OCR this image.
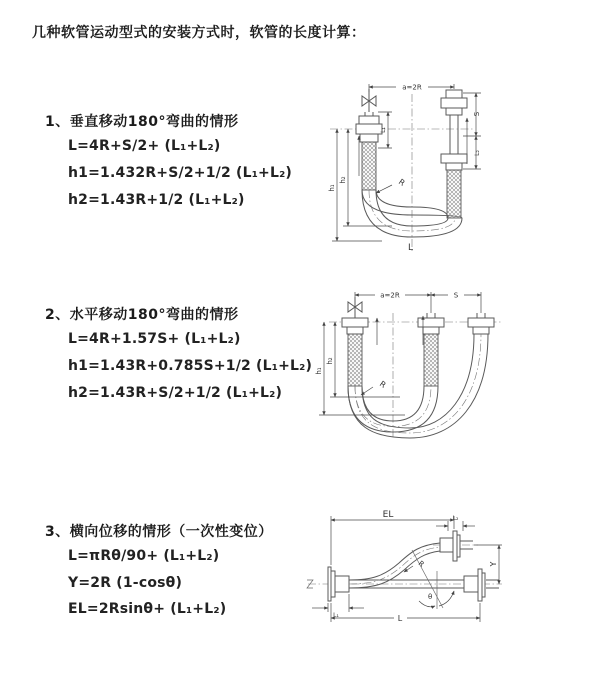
几种软管运动型式的安装方式时，软管的长度计算：
1、垂直移动180°弯曲的情形
L=4R+S/2+ (L₁+L₂)
h1=1.432R+S/2+1/2 (L₁+L₂)
h2=1.43R+1/2 (L₁+L₂)
2、水平移动180°弯曲的情形
L=4R+1.57S+ (L₁+L₂)
h1=1.43R+0.785S+1/2 (L₁+L₂)
h2=1.43R+S/2+1/2 (L₁+L₂)
3、横向位移的情形（一次性变位）
L=πRθ/90+ (L₁+L₂)
Y=2R (1-cosθ)
EL=2Rsinθ+ (L₁+L₂)
a=2R
h₁
h₂
L₁
S
L₂
R
L
a=2R	S
h₁
h₂
R
θ
R
EL	L₂
Y
L₁	L
